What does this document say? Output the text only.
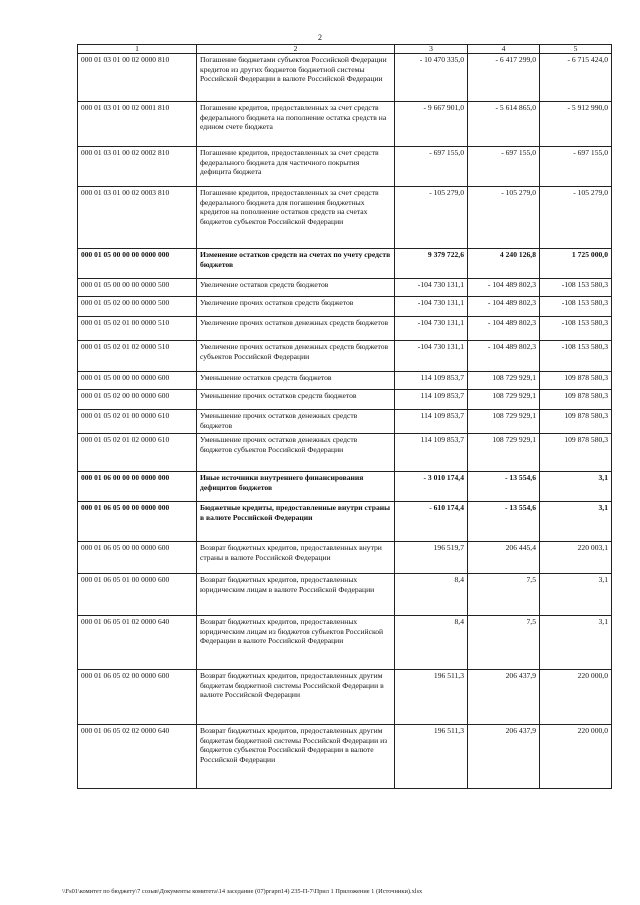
2
1	2	3	4	5
000 01 03 01 00 02 0000 810	Погашение бюджетами субъектов Российской Федерации кредитов из других бюджетов бюджетной системы Российской Федерации в валюте Российской Федерации	- 10 470 335,0	- 6 417 299,0	- 6 715 424,0
000 01 03 01 00 02 0001 810	Погашение кредитов, предоставленных за счет средств федерального бюджета на пополнение остатка средств на едином счете бюджета	- 9 667 901,0	- 5 614 865,0	- 5 912 990,0
000 01 03 01 00 02 0002 810	Погашение кредитов, предоставленных за счет средств федерального бюджета для частичного покрытия дефицита бюджета	- 697 155,0	- 697 155,0	- 697 155,0
000 01 03 01 00 02 0003 810	Погашение кредитов, предоставленных за счет средств федерального бюджета для погашения бюджетных кредитов на пополнение остатков средств на счетах бюджетов субъектов Российской Федерации	- 105 279,0	- 105 279,0	- 105 279,0
000 01 05 00 00 00 0000 000	Изменение остатков средств на счетах по учету средств бюджетов	9 379 722,6	4 240 126,8	1 725 000,0
000 01 05 00 00 00 0000 500	Увеличение остатков средств бюджетов	-104 730 131,1	- 104 489 802,3	-108 153 580,3
000 01 05 02 00 00 0000 500	Увеличение прочих остатков средств бюджетов	-104 730 131,1	- 104 489 802,3	-108 153 580,3
000 01 05 02 01 00 0000 510	Увеличение прочих остатков денежных средств бюджетов	-104 730 131,1	- 104 489 802,3	-108 153 580,3
000 01 05 02 01 02 0000 510	Увеличение прочих остатков денежных средств бюджетов субъектов Российской Федерации	-104 730 131,1	- 104 489 802,3	-108 153 580,3
000 01 05 00 00 00 0000 600	Уменьшение остатков средств бюджетов	114 109 853,7	108 729 929,1	109 878 580,3
000 01 05 02 00 00 0000 600	Уменьшение прочих остатков средств бюджетов	114 109 853,7	108 729 929,1	109 878 580,3
000 01 05 02 01 00 0000 610	Уменьшение прочих остатков денежных средств бюджетов	114 109 853,7	108 729 929,1	109 878 580,3
000 01 05 02 01 02 0000 610	Уменьшение прочих остатков денежных средств бюджетов субъектов Российской Федерации	114 109 853,7	108 729 929,1	109 878 580,3
000 01 06 00 00 00 0000 000	Иные источники внутреннего финансирования дефицитов бюджетов	- 3 010 174,4	- 13 554,6	3,1
000 01 06 05 00 00 0000 000	Бюджетные кредиты, предоставленные внутри страны в валюте Российской Федерации	- 610 174,4	- 13 554,6	3,1
000 01 06 05 00 00 0000 600	Возврат бюджетных кредитов, предоставленных внутри страны в валюте Российской Федерации	196 519,7	206 445,4	220 003,1
000 01 06 05 01 00 0000 600	Возврат бюджетных кредитов, предоставленных юридическим лицам в валюте Российской Федерации	8,4	7,5	3,1
000 01 06 05 01 02 0000 640	Возврат бюджетных кредитов, предоставленных юридическим лицам из бюджетов субъектов Российской Федерации в валюте Российской Федерации	8,4	7,5	3,1
000 01 06 05 02 00 0000 600	Возврат бюджетных кредитов, предоставленных другим бюджетам бюджетной системы Российской Федерации в валюте Российской Федерации	196 511,3	206 437,9	220 000,0
000 01 06 05 02 02 0000 640	Возврат бюджетных кредитов, предоставленных другим бюджетам бюджетной системы Российской Федерации из бюджетов субъектов Российской Федерации в валюте Российской Федерации	196 511,3	206 437,9	220 000,0
\\Fs01\комитет по бюджету\7 созыв\Документы комитета\14 заседание (07)ргарп14) 235-П-7\Прил 1 Приложение 1 (Источники).xlsx
